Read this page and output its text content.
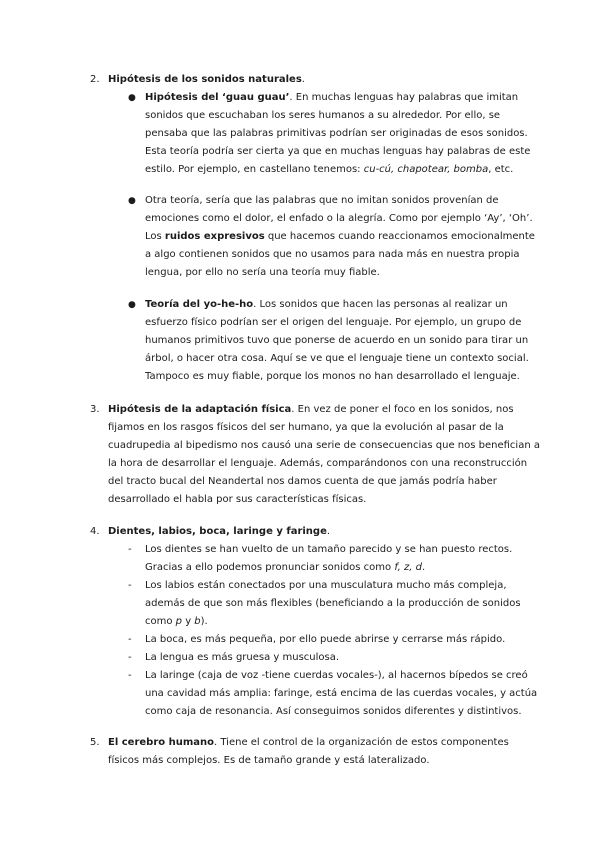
2. Hipótesis de los sonidos naturales.
● Hipótesis del ‘guau guau’. En muchas lenguas hay palabras que imitan sonidos que escuchaban los seres humanos a su alrededor. Por ello, se pensaba que las palabras primitivas podrían ser originadas de esos sonidos. Esta teoría podría ser cierta ya que en muchas lenguas hay palabras de este estilo. Por ejemplo, en castellano tenemos: cu-cú, chapotear, bomba, etc.
● Otra teoría, sería que las palabras que no imitan sonidos provenían de emociones como el dolor, el enfado o la alegría. Como por ejemplo ‘Ay’, ‘Oh’. Los ruidos expresivos que hacemos cuando reaccionamos emocionalmente a algo contienen sonidos que no usamos para nada más en nuestra propia lengua, por ello no sería una teoría muy fiable.
● Teoría del yo-he-ho. Los sonidos que hacen las personas al realizar un esfuerzo físico podrían ser el origen del lenguaje. Por ejemplo, un grupo de humanos primitivos tuvo que ponerse de acuerdo en un sonido para tirar un árbol, o hacer otra cosa. Aquí se ve que el lenguaje tiene un contexto social. Tampoco es muy fiable, porque los monos no han desarrollado el lenguaje.
3. Hipótesis de la adaptación física. En vez de poner el foco en los sonidos, nos fijamos en los rasgos físicos del ser humano, ya que la evolución al pasar de la cuadrupedia al bipedismo nos causó una serie de consecuencias que nos benefician a la hora de desarrollar el lenguaje. Además, comparándonos con una reconstrucción del tracto bucal del Neandertal nos damos cuenta de que jamás podría haber desarrollado el habla por sus características físicas.
4. Dientes, labios, boca, laringe y faringe.
- Los dientes se han vuelto de un tamaño parecido y se han puesto rectos. Gracias a ello podemos pronunciar sonidos como f, z, d.
- Los labios están conectados por una musculatura mucho más compleja, además de que son más flexibles (beneficiando a la producción de sonidos como p y b).
- La boca, es más pequeña, por ello puede abrirse y cerrarse más rápido.
- La lengua es más gruesa y musculosa.
- La laringe (caja de voz -tiene cuerdas vocales-), al hacernos bípedos se creó una cavidad más amplia: faringe, está encima de las cuerdas vocales, y actúa como caja de resonancia. Así conseguimos sonidos diferentes y distintivos.
5. El cerebro humano. Tiene el control de la organización de estos componentes físicos más complejos. Es de tamaño grande y está lateralizado.
